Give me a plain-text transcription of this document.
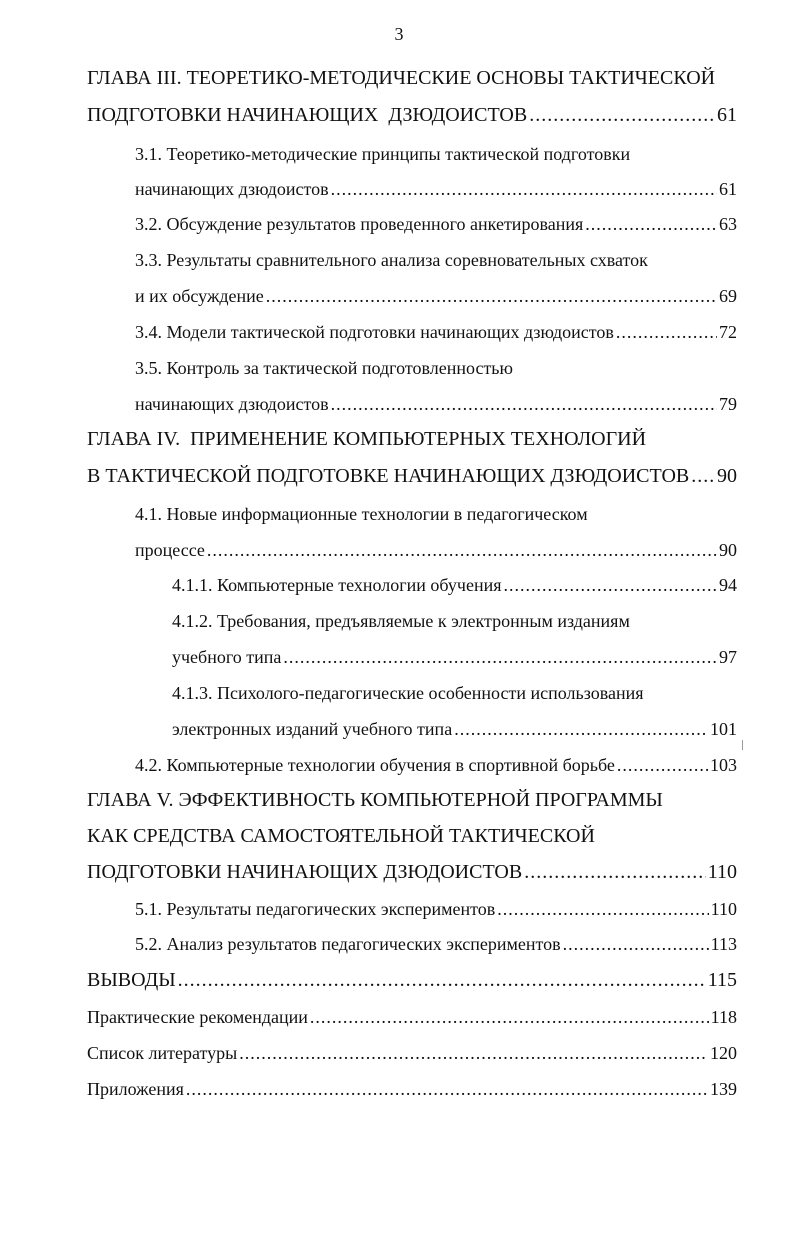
3
ГЛАВА III. ТЕОРЕТИКО-МЕТОДИЧЕСКИЕ ОСНОВЫ ТАКТИЧЕСКОЙ
ПОДГОТОВКИ НАЧИНАЮЩИХ  ДЗЮДОИСТОВ .....	61
3.1. Теоретико-методические принципы тактической подготовки
начинающих дзюдоистов .....	61
3.2. Обсуждение результатов проведенного анкетирования .....	63
3.3. Результаты сравнительного анализа соревновательных схваток
и их обсуждение .....	69
3.4. Модели тактической подготовки начинающих дзюдоистов .....	72
3.5. Контроль за тактической подготовленностью
начинающих дзюдоистов .....	79
ГЛАВА IV.  ПРИМЕНЕНИЕ КОМПЬЮТЕРНЫХ ТЕХНОЛОГИЙ
В ТАКТИЧЕСКОЙ ПОДГОТОВКЕ НАЧИНАЮЩИХ ДЗЮДОИСТОВ ..... 90
4.1. Новые информационные технологии в педагогическом
процессе .....	90
4.1.1. Компьютерные технологии обучения .....	94
4.1.2. Требования, предъявляемые к электронным изданиям
учебного типа .....	97
4.1.3. Психолого-педагогические особенности использования
электронных изданий учебного типа .....	101
4.2. Компьютерные технологии обучения в спортивной борьбе .....	103
ГЛАВА V. ЭФФЕКТИВНОСТЬ КОМПЬЮТЕРНОЙ ПРОГРАММЫ
КАК СРЕДСТВА САМОСТОЯТЕЛЬНОЙ ТАКТИЧЕСКОЙ
ПОДГОТОВКИ НАЧИНАЮЩИХ ДЗЮДОИСТОВ .....	110
5.1. Результаты педагогических экспериментов .....	110
5.2. Анализ результатов педагогических экспериментов .....	113
ВЫВОДЫ .....	115
Практические рекомендации .....	118
Список литературы .....	120
Приложения .....	139
